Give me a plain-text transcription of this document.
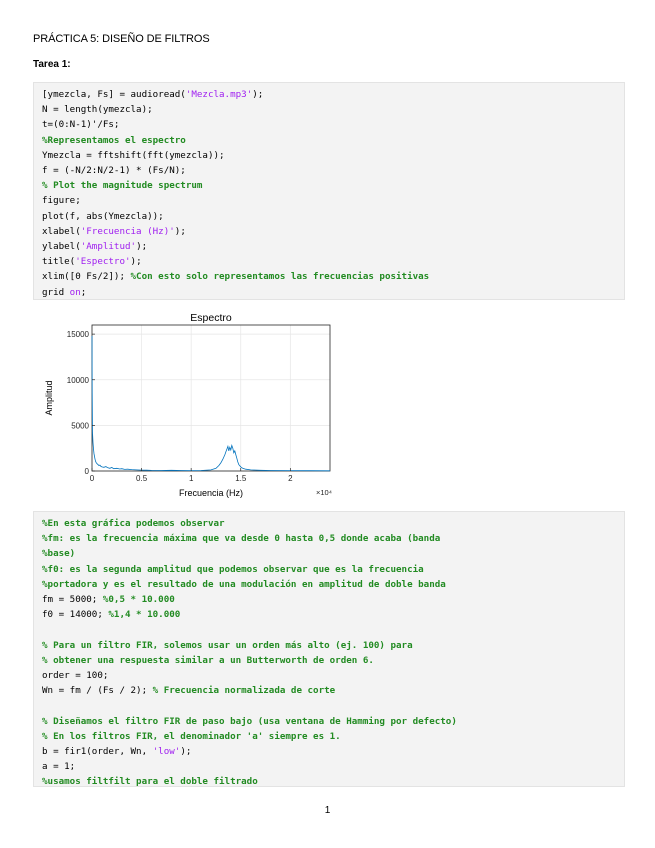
PRÁCTICA 5: DISEÑO DE FILTROS
Tarea 1:
[ymezcla, Fs] = audioread('Mezcla.mp3');
N = length(ymezcla);
t=(0:N-1)'/Fs;
%Representamos el espectro
Ymezcla = fftshift(fft(ymezcla));
f = (-N/2:N/2-1) * (Fs/N);
% Plot the magnitude spectrum
figure;
plot(f, abs(Ymezcla));
xlabel('Frecuencia (Hz)');
ylabel('Amplitud');
title('Espectro');
xlim([0 Fs/2]); %Con esto solo representamos las frecuencias positivas
grid on;
0	0.5	1	1.5	2
0
5000
10000
15000
Espectro
Frecuencia (Hz)
Amplitud
×10⁴
%En esta gráfica podemos observar
%fm: es la frecuencia máxima que va desde 0 hasta 0,5 donde acaba (banda
%base)
%f0: es la segunda amplitud que podemos observar que es la frecuencia
%portadora y es el resultado de una modulación en amplitud de doble banda
fm = 5000; %0,5 * 10.000
f0 = 14000; %1,4 * 10.000
% Para un filtro FIR, solemos usar un orden más alto (ej. 100) para
% obtener una respuesta similar a un Butterworth de orden 6.
order = 100;
Wn = fm / (Fs / 2); % Frecuencia normalizada de corte
% Diseñamos el filtro FIR de paso bajo (usa ventana de Hamming por defecto)
% En los filtros FIR, el denominador 'a' siempre es 1.
b = fir1(order, Wn, 'low');
a = 1;
%usamos filtfilt para el doble filtrado
1
